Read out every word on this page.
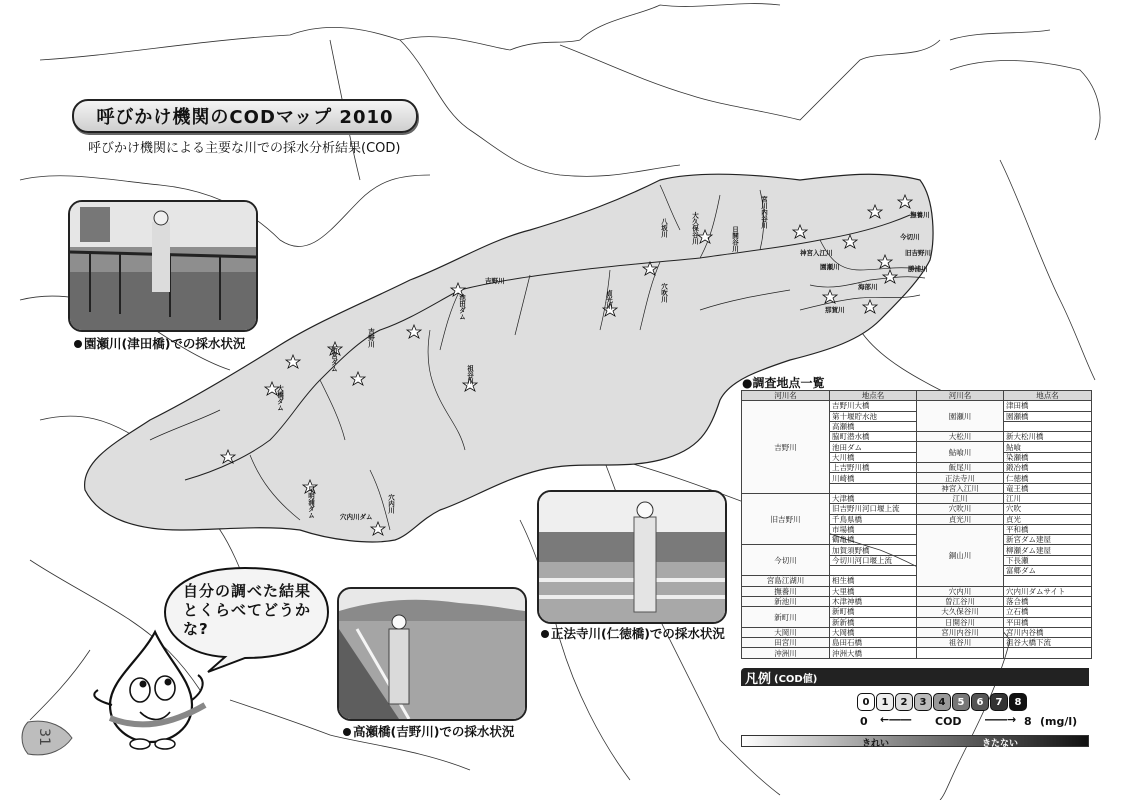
吉野川
池田ダム
早明浦ダム
新宮ダム
大橋ダム
貞光川	穴吹川
祖谷川
八坂川	大久保谷川	日開谷川
宮川内谷川
神宮入江川
園瀬川
今切川
旧吉野川
撫養川
勝浦川
那賀川
海部川
穴内川ダム
穴内川
吉野川
呼びかけ機関のCODマップ 2010
呼びかけ機関による主要な川での採水分析結果(COD)
園瀬川(津田橋)での採水状況
正法寺川(仁徳橋)での採水状況
高瀬橋(吉野川)での採水状況
自分の調べた結果とくらべてどうかな?
31
●調査地点一覧
河川名	地点名	河川名	地点名
吉野川	吉野川大橋	園瀬川	津田橋
	第十堰貯水池		園瀬橋
	高瀬橋		
	脇町潜水橋	大松川	新大松川橋
	池田ダム	鮎喰川	鮎喰
	大川橋		染瀬橋
	上吉野川橋	飯尾川	鍛冶橋
	川崎橋	正法寺川	仁徳橋
		神宮入江川	竜王橋
旧吉野川	大津橋	江川	江川
	旧吉野川河口堰上流	穴吹川	穴吹
	千鳥県橋	貞光川	貞光
	市場橋	銅山川	平和橋
	鶴亀橋		新宮ダム建屋
今切川	加賀須野橋		柳瀬ダム建屋
	今切川河口堰上流		下長瀬
			富郷ダム
宮島江湖川	相生橋		
撫養川	大里橋	穴内川	穴内川ダムサイト
新池川	木津神橋	曽江谷川	落合橋
新町川	新町橋	大久保谷川	立石橋
	新新橋	日開谷川	平田橋
大岡川	大岡橋	宮川内谷川	宮川内谷橋
田宮川	島田石橋	祖谷川	祖谷大橋下流
沖洲川	沖洲大橋		
凡例 (COD値)
0	1	2	3	4	5	6	7	8
0 ←―― COD ――→ 8 (mg/l)
きれい	きたない
